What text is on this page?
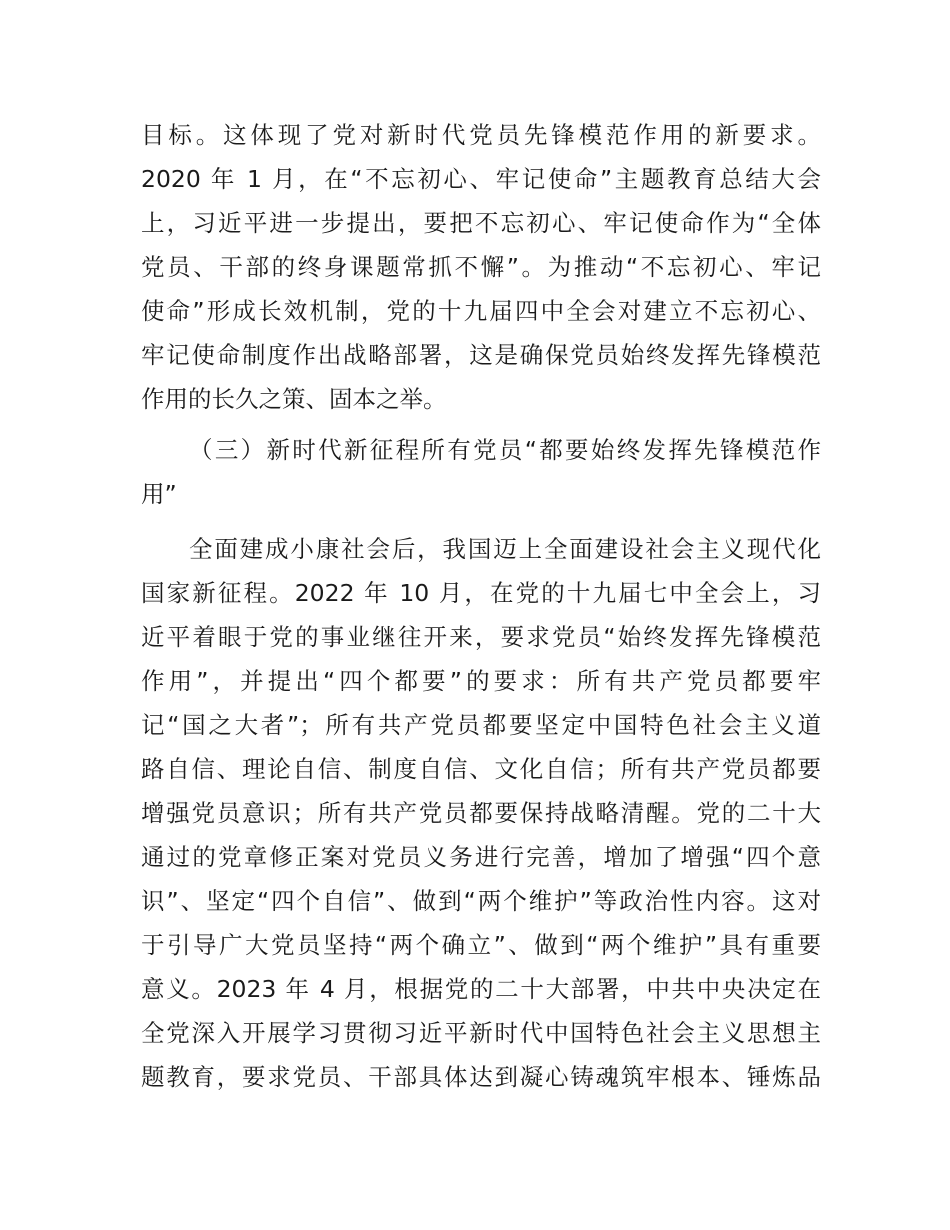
目标。这体现了党对新时代党员先锋模范作用的新要求。
2020 年 1 月，在“不忘初心、牢记使命”主题教育总结大会
上，习近平进一步提出，要把不忘初心、牢记使命作为“全体
党员、干部的终身课题常抓不懈”。为推动“不忘初心、牢记
使命”形成长效机制，党的十九届四中全会对建立不忘初心、
牢记使命制度作出战略部署，这是确保党员始终发挥先锋模范
作用的长久之策、固本之举。
（三）新时代新征程所有党员“都要始终发挥先锋模范作
用”
全面建成小康社会后，我国迈上全面建设社会主义现代化
国家新征程。2022 年 10 月，在党的十九届七中全会上，习
近平着眼于党的事业继往开来，要求党员“始终发挥先锋模范
作用”，并提出“四个都要”的要求：所有共产党员都要牢
记“国之大者”；所有共产党员都要坚定中国特色社会主义道
路自信、理论自信、制度自信、文化自信；所有共产党员都要
增强党员意识；所有共产党员都要保持战略清醒。党的二十大
通过的党章修正案对党员义务进行完善，增加了增强“四个意
识”、坚定“四个自信”、做到“两个维护”等政治性内容。这对
于引导广大党员坚持“两个确立”、做到“两个维护”具有重要
意义。2023 年 4 月，根据党的二十大部署，中共中央决定在
全党深入开展学习贯彻习近平新时代中国特色社会主义思想主
题教育，要求党员、干部具体达到凝心铸魂筑牢根本、锤炼品
